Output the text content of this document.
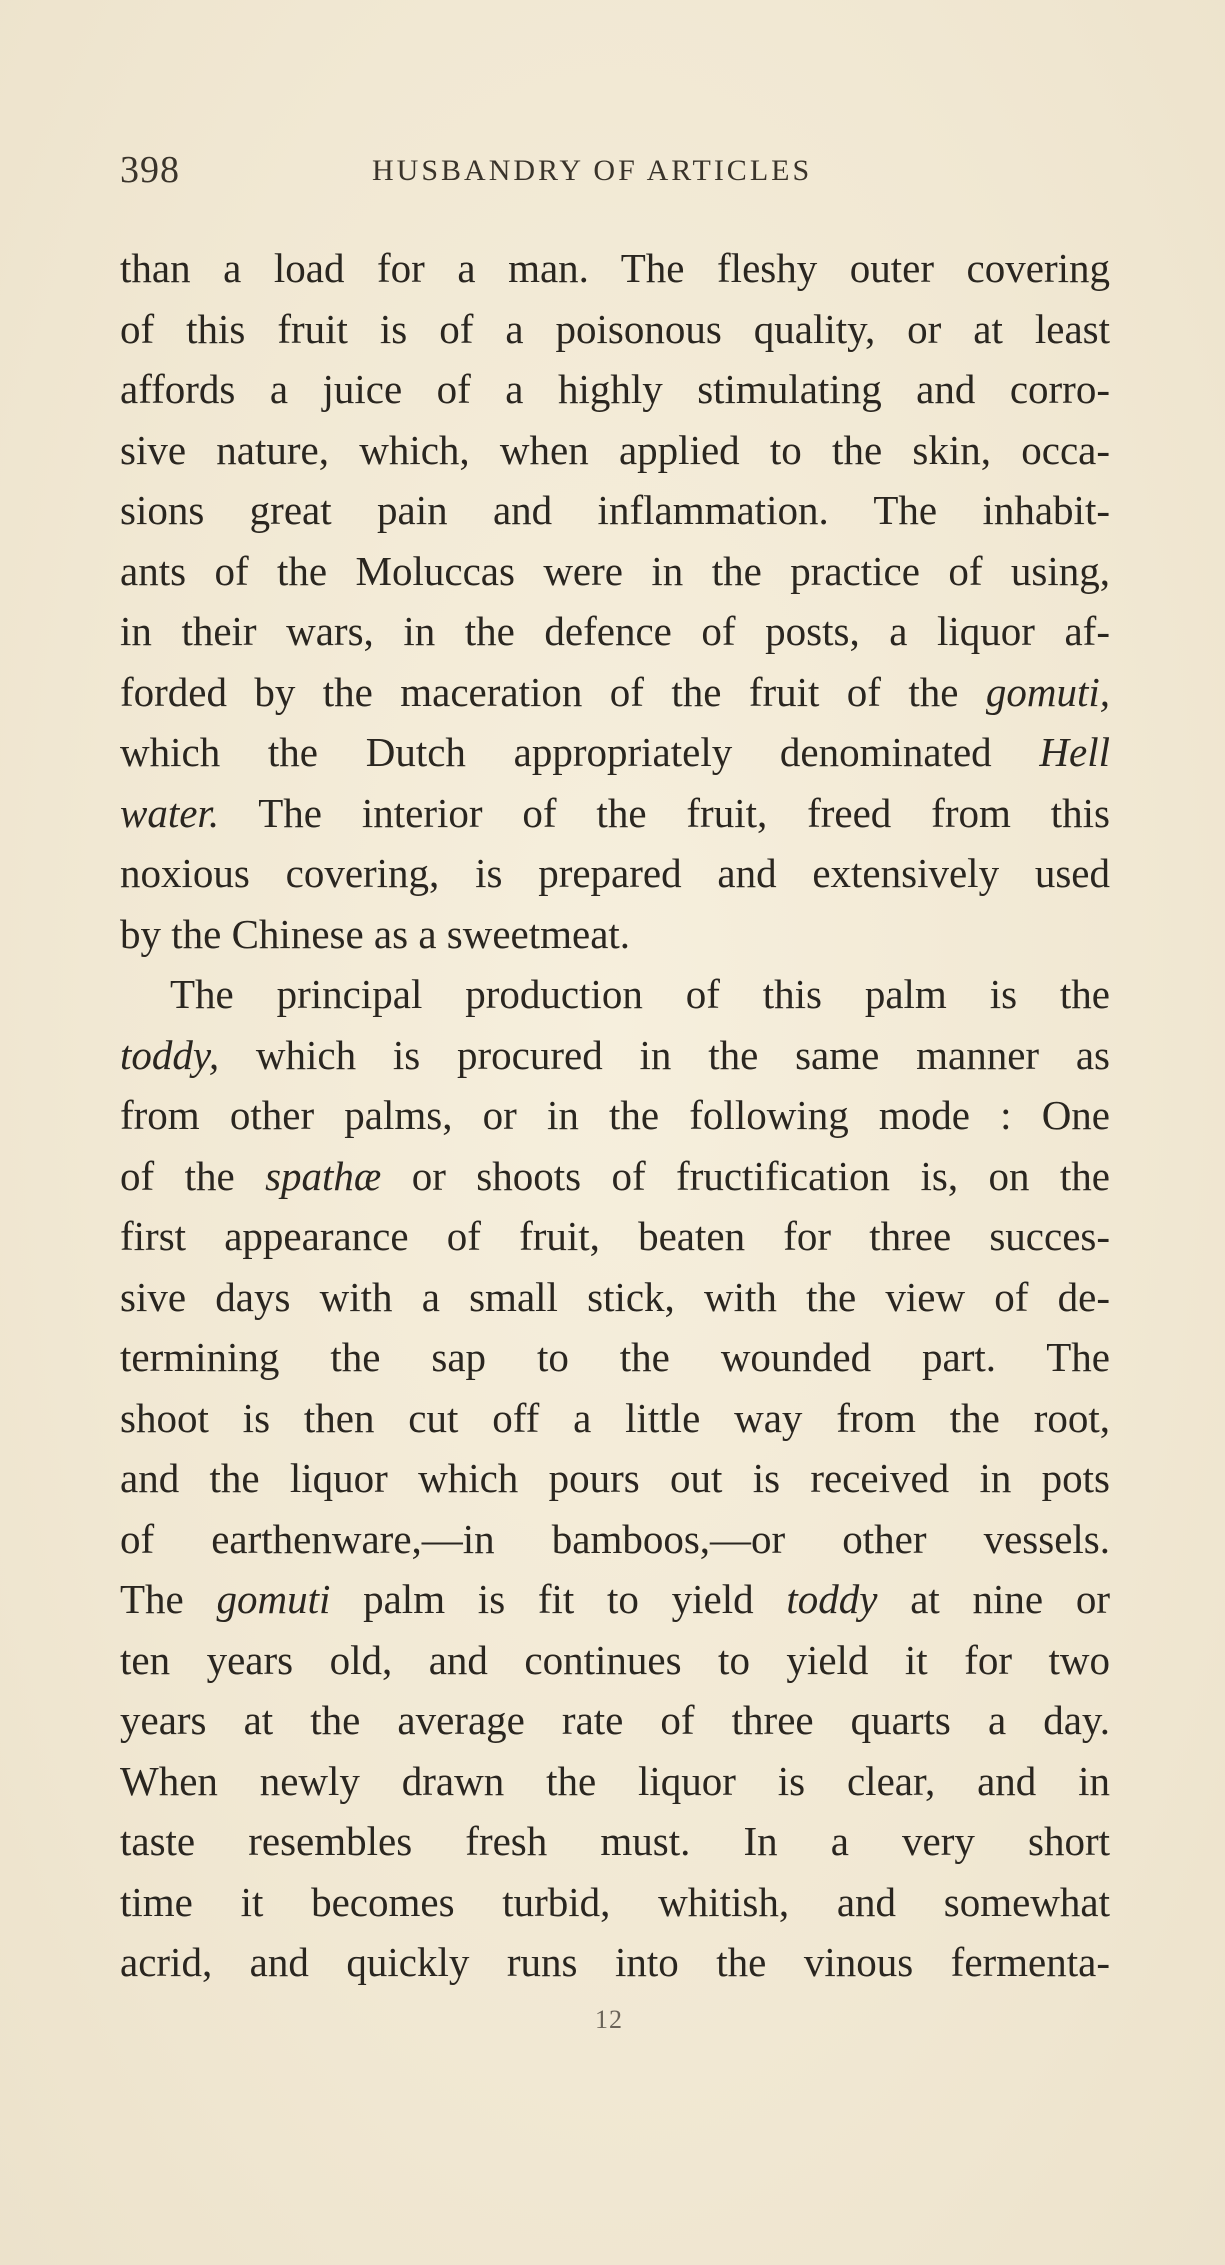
398	HUSBANDRY OF ARTICLES
than a load for a man. The fleshy outer covering
of this fruit is of a poisonous quality, or at least
affords a juice of a highly stimulating and corro-
sive nature, which, when applied to the skin, occa-
sions great pain and inflammation. The inhabit-
ants of the Moluccas were in the practice of using,
in their wars, in the defence of posts, a liquor af-
forded by the maceration of the fruit of the gomuti,
which the Dutch appropriately denominated Hell
water. The interior of the fruit, freed from this
noxious covering, is prepared and extensively used
by the Chinese as a sweetmeat.
The principal production of this palm is the
toddy, which is procured in the same manner as
from other palms, or in the following mode : One
of the spathæ or shoots of fructification is, on the
first appearance of fruit, beaten for three succes-
sive days with a small stick, with the view of de-
termining the sap to the wounded part. The
shoot is then cut off a little way from the root,
and the liquor which pours out is received in pots
of earthenware,—in bamboos,—or other vessels.
The gomuti palm is fit to yield toddy at nine or
ten years old, and continues to yield it for two
years at the average rate of three quarts a day.
When newly drawn the liquor is clear, and in
taste resembles fresh must. In a very short
time it becomes turbid, whitish, and somewhat
acrid, and quickly runs into the vinous fermenta-
12
